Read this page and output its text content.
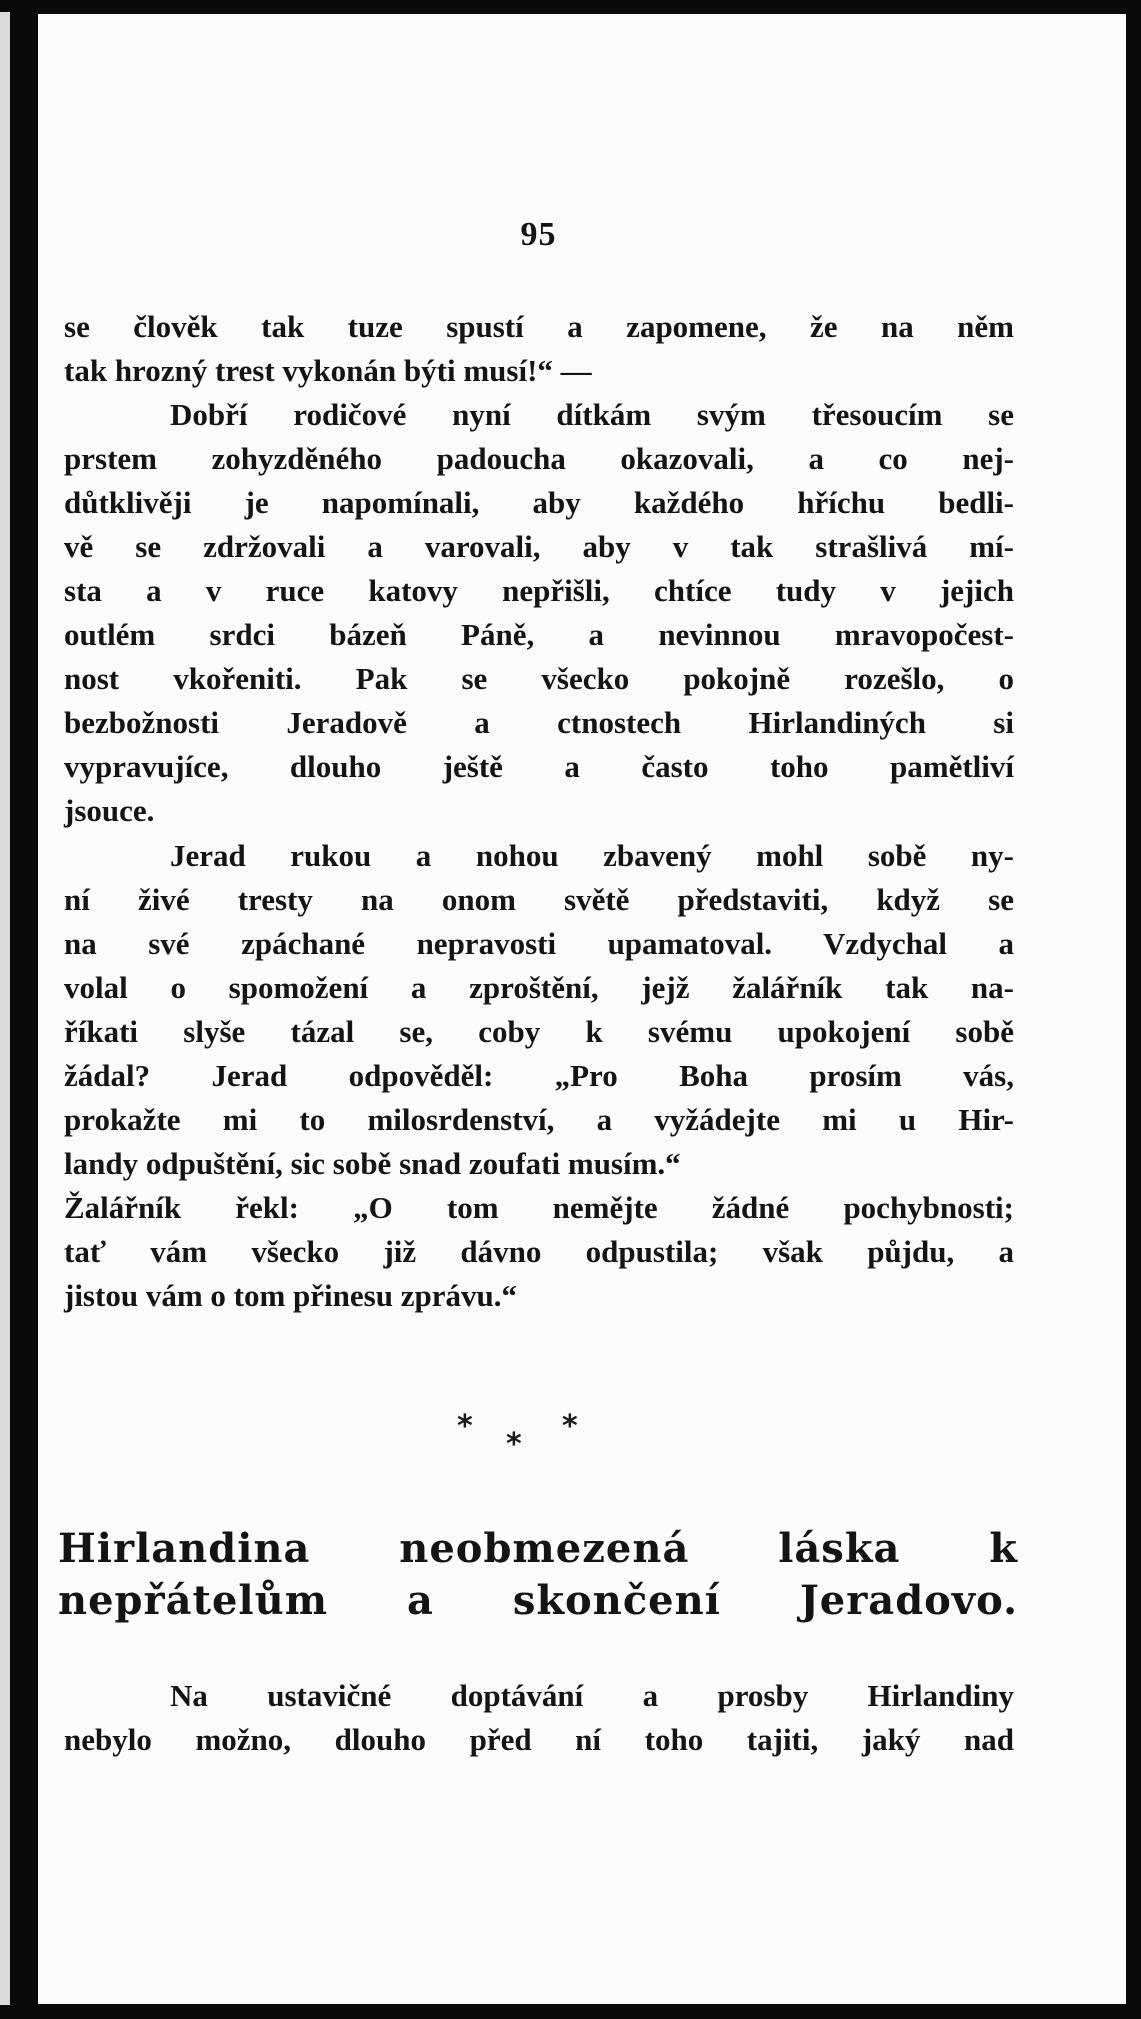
95
se člověk tak tuze spustí a zapomene, že na něm
tak hrozný trest vykonán býti musí!“ —
Dobří rodičové nyní dítkám svým třesoucím se
prstem zohyzděného padoucha okazovali, a co nej-
důtklivěji je napomínali, aby každého hříchu bedli-
vě se zdržovali a varovali, aby v tak strašlivá mí-
sta a v ruce katovy nepřišli, chtíce tudy v jejich
outlém srdci bázeň Páně, a nevinnou mravopočest-
nost vkořeniti. Pak se všecko pokojně rozešlo, o
bezbožnosti Jeradově a ctnostech Hirlandiných si
vypravujíce, dlouho ještě a často toho pamětliví
jsouce.
Jerad rukou a nohou zbavený mohl sobě ny-
ní živé tresty na onom světě představiti, když se
na své zpáchané nepravosti upamatoval. Vzdychal a
volal o spomožení a zproštění, jejž žalářník tak na-
říkati slyše tázal se, coby k svému upokojení sobě
žádal? Jerad odpověděl: „Pro Boha prosím vás,
prokažte mi to milosrdenství, a vyžádejte mi u Hir-
landy odpuštění, sic sobě snad zoufati musím.“
Žalářník řekl: „O tom nemějte žádné pochybnosti;
tať vám všecko již dávno odpustila; však půjdu, a
jistou vám o tom přinesu zprávu.“
*
*
*
Hirlandina neobmezená láska k
nepřátelům a skončení Jeradovo.
Na ustavičné doptávání a prosby Hirlandiny
nebylo možno, dlouho před ní toho tajiti, jaký nad
